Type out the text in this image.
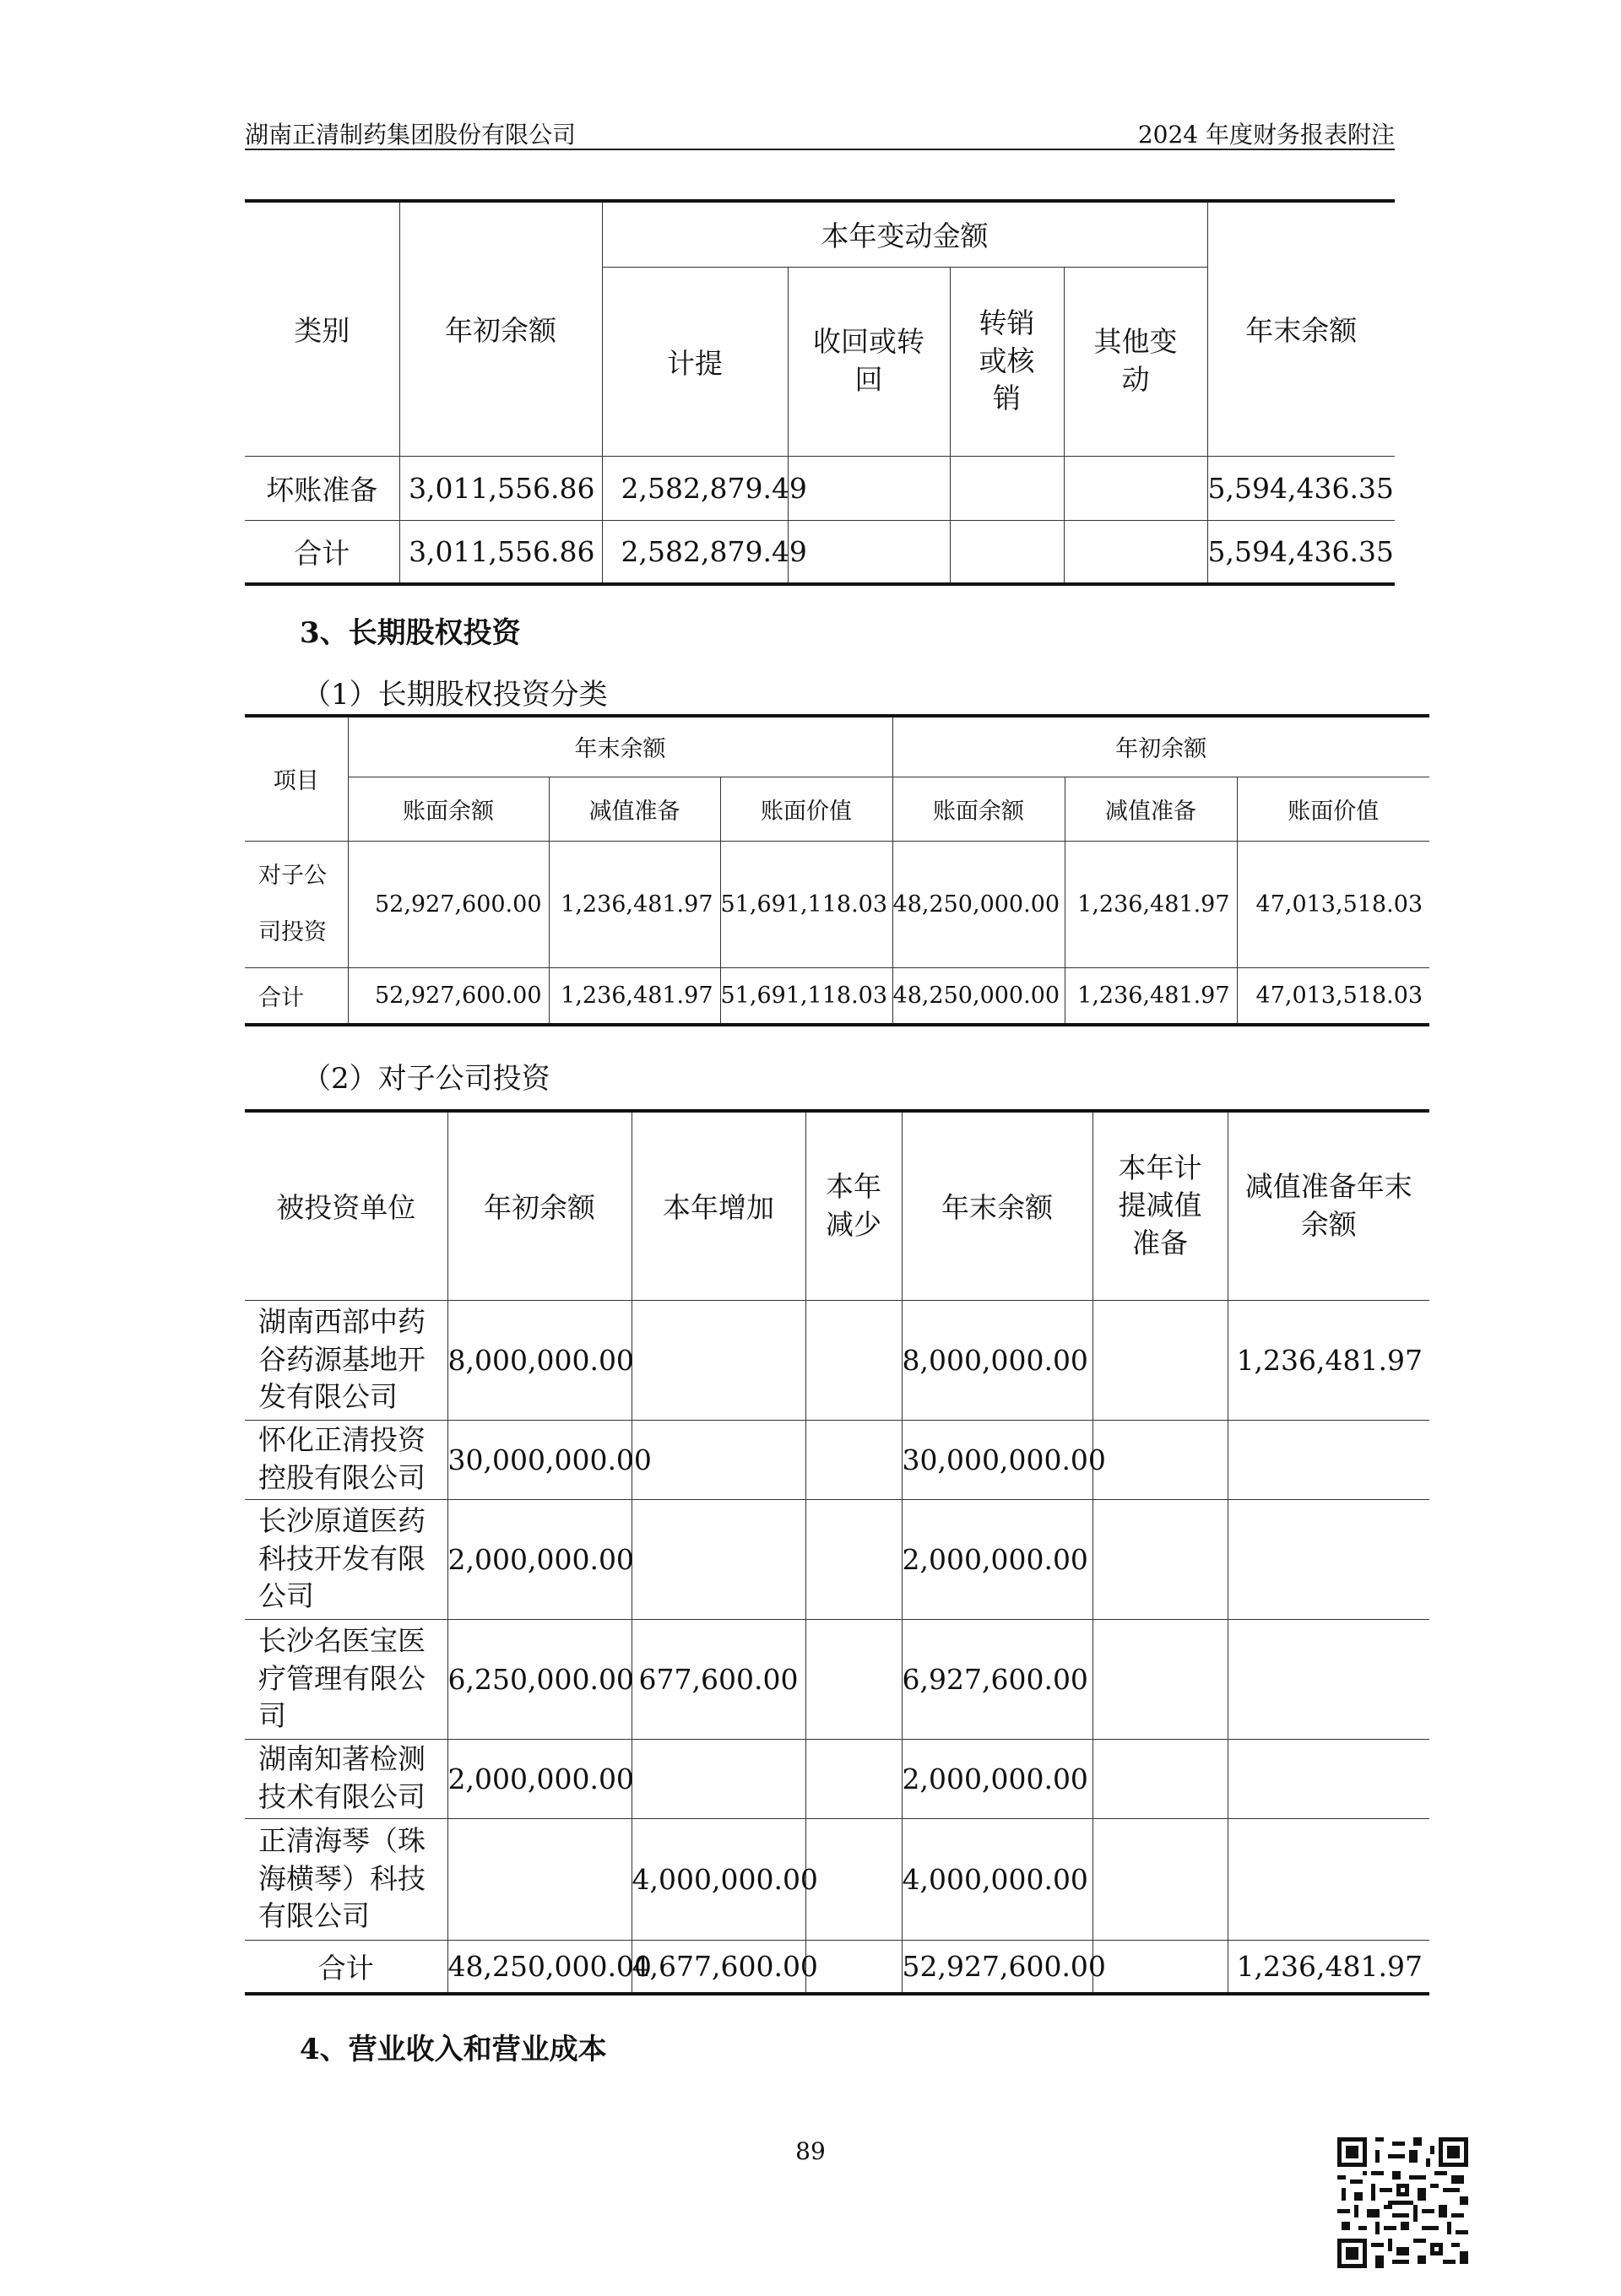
湖南正清制药集团股份有限公司	2024 年度财务报表附注
类别	年初余额	本年变动金额				年末余额
		计提	收回或转回	转销或核销	其他变动	
坏账准备	3,011,556.86	2,582,879.49				5,594,436.35
合计	3,011,556.86	2,582,879.49				5,594,436.35
3、长期股权投资
（1）长期股权投资分类
项目	年末余额			年初余额		
	账面余额	减值准备	账面价值	账面余额	减值准备	账面价值
对子公司投资	52,927,600.00	1,236,481.97	51,691,118.03	48,250,000.00	1,236,481.97	47,013,518.03
合计	52,927,600.00	1,236,481.97	51,691,118.03	48,250,000.00	1,236,481.97	47,013,518.03
（2）对子公司投资
被投资单位	年初余额	本年增加	本年减少	年末余额	本年计提减值准备	减值准备年末余额
湖南西部中药谷药源基地开发有限公司	8,000,000.00			8,000,000.00		1,236,481.97
怀化正清投资控股有限公司	30,000,000.00			30,000,000.00		
长沙原道医药科技开发有限公司	2,000,000.00			2,000,000.00		
长沙名医宝医疗管理有限公司	6,250,000.00	677,600.00		6,927,600.00		
湖南知著检测技术有限公司	2,000,000.00			2,000,000.00		
正清海琴（珠海横琴）科技有限公司		4,000,000.00		4,000,000.00		
合计	48,250,000.00	4,677,600.00		52,927,600.00		1,236,481.97
4、营业收入和营业成本
89
